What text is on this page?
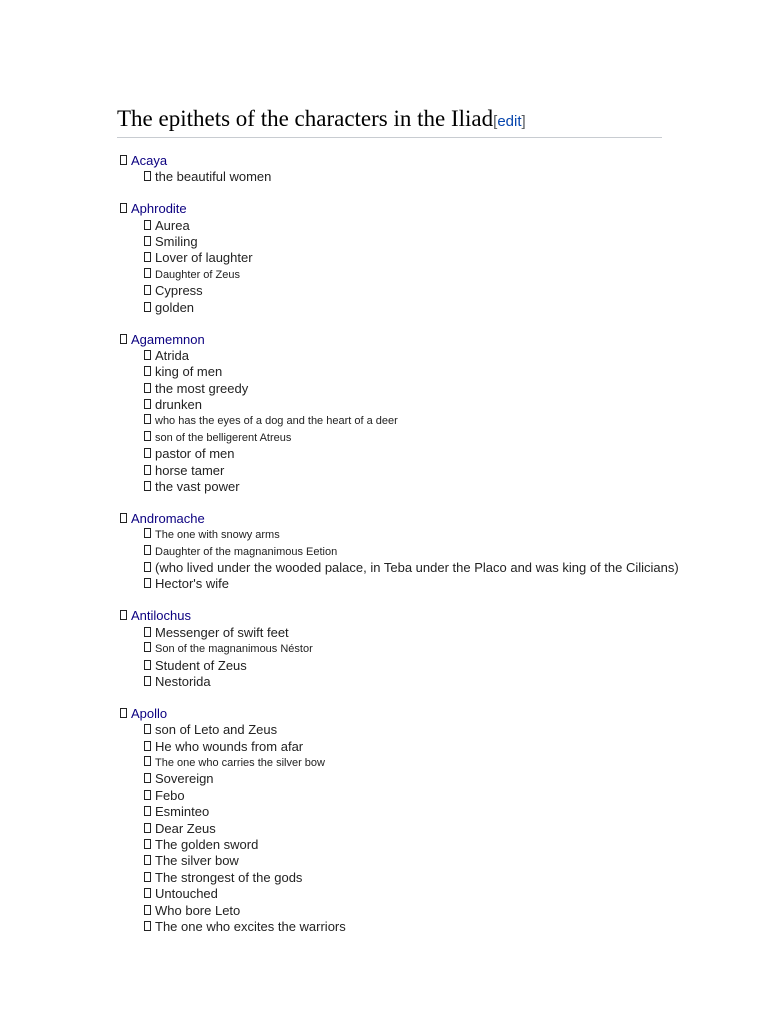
The epithets of the characters in the Iliad[edit]
Acaya
the beautiful women
Aphrodite
Aurea
Smiling
Lover of laughter
Daughter of Zeus
Cypress
golden
Agamemnon
Atrida
king of men
the most greedy
drunken
who has the eyes of a dog and the heart of a deer
son of the belligerent Atreus
pastor of men
horse tamer
the vast power
Andromache
The one with snowy arms
Daughter of the magnanimous Eetion
(who lived under the wooded palace, in Teba under the Placo and was king of the Cilicians)
Hector's wife
Antilochus
Messenger of swift feet
Son of the magnanimous Néstor
Student of Zeus
Nestorida
Apollo
son of Leto and Zeus
He who wounds from afar
The one who carries the silver bow
Sovereign
Febo
Esminteo
Dear Zeus
The golden sword
The silver bow
The strongest of the gods
Untouched
Who bore Leto
The one who excites the warriors
